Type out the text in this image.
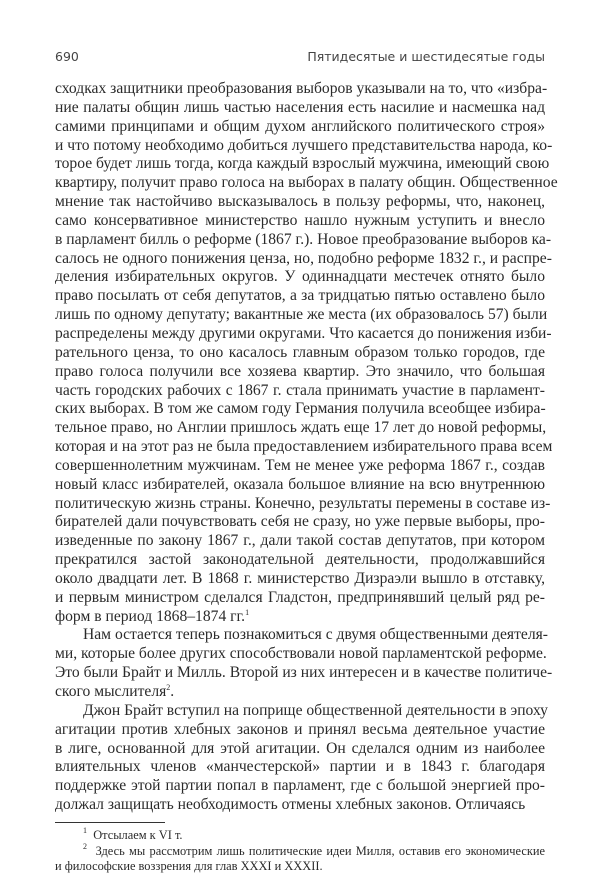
690	Пятидесятые и шестидесятые годы
сходках защитники преобразования выборов указывали на то, что «избра-
ние палаты общин лишь частью населения есть насилие и насмешка над
самими принципами и общим духом английского политического строя»
и что потому необходимо добиться лучшего представительства народа, ко-
торое будет лишь тогда, когда каждый взрослый мужчина, имеющий свою
квартиру, получит право голоса на выборах в палату общин. Общественное
мнение так настойчиво высказывалось в пользу реформы, что, наконец,
само консервативное министерство нашло нужным уступить и внесло
в парламент билль о реформе (1867 г.). Новое преобразование выборов ка-
салось не одного понижения ценза, но, подобно реформе 1832 г., и распре-
деления избирательных округов. У одиннадцати местечек отнято было
право посылать от себя депутатов, а за тридцатью пятью оставлено было
лишь по одному депутату; вакантные же места (их образовалось 57) были
распределены между другими округами. Что касается до понижения изби-
рательного ценза, то оно касалось главным образом только городов, где
право голоса получили все хозяева квартир. Это значило, что большая
часть городских рабочих с 1867 г. стала принимать участие в парламент-
ских выборах. В том же самом году Германия получила всеобщее избира-
тельное право, но Англии пришлось ждать еще 17 лет до новой реформы,
которая и на этот раз не была предоставлением избирательного права всем
совершеннолетним мужчинам. Тем не менее уже реформа 1867 г., создав
новый класс избирателей, оказала большое влияние на всю внутреннюю
политическую жизнь страны. Конечно, результаты перемены в составе из-
бирателей дали почувствовать себя не сразу, но уже первые выборы, про-
изведенные по закону 1867 г., дали такой состав депутатов, при котором
прекратился застой законодательной деятельности, продолжавшийся
около двадцати лет. В 1868 г. министерство Дизраэли вышло в отставку,
и первым министром сделался Гладстон, предпринявший целый ряд ре-
форм в период 1868–1874 гг.$^1$
Нам остается теперь познакомиться с двумя общественными деятеля-
ми, которые более других способствовали новой парламентской реформе.
Это были Брайт и Милль. Второй из них интересен и в качестве политиче-
ского мыслителя$^2$.
Джон Брайт вступил на поприще общественной деятельности в эпоху
агитации против хлебных законов и принял весьма деятельное участие
в лиге, основанной для этой агитации. Он сделался одним из наиболее
влиятельных членов «манчестерской» партии и в 1843 г. благодаря
поддержке этой партии попал в парламент, где с большой энергией про-
должал защищать необходимость отмены хлебных законов. Отличаясь
$^1$ Отсылаем к VI т.
$^2$ Здесь мы рассмотрим лишь политические идеи Милля, оставив его экономические
и философские воззрения для глав XXXI и XXXII.
